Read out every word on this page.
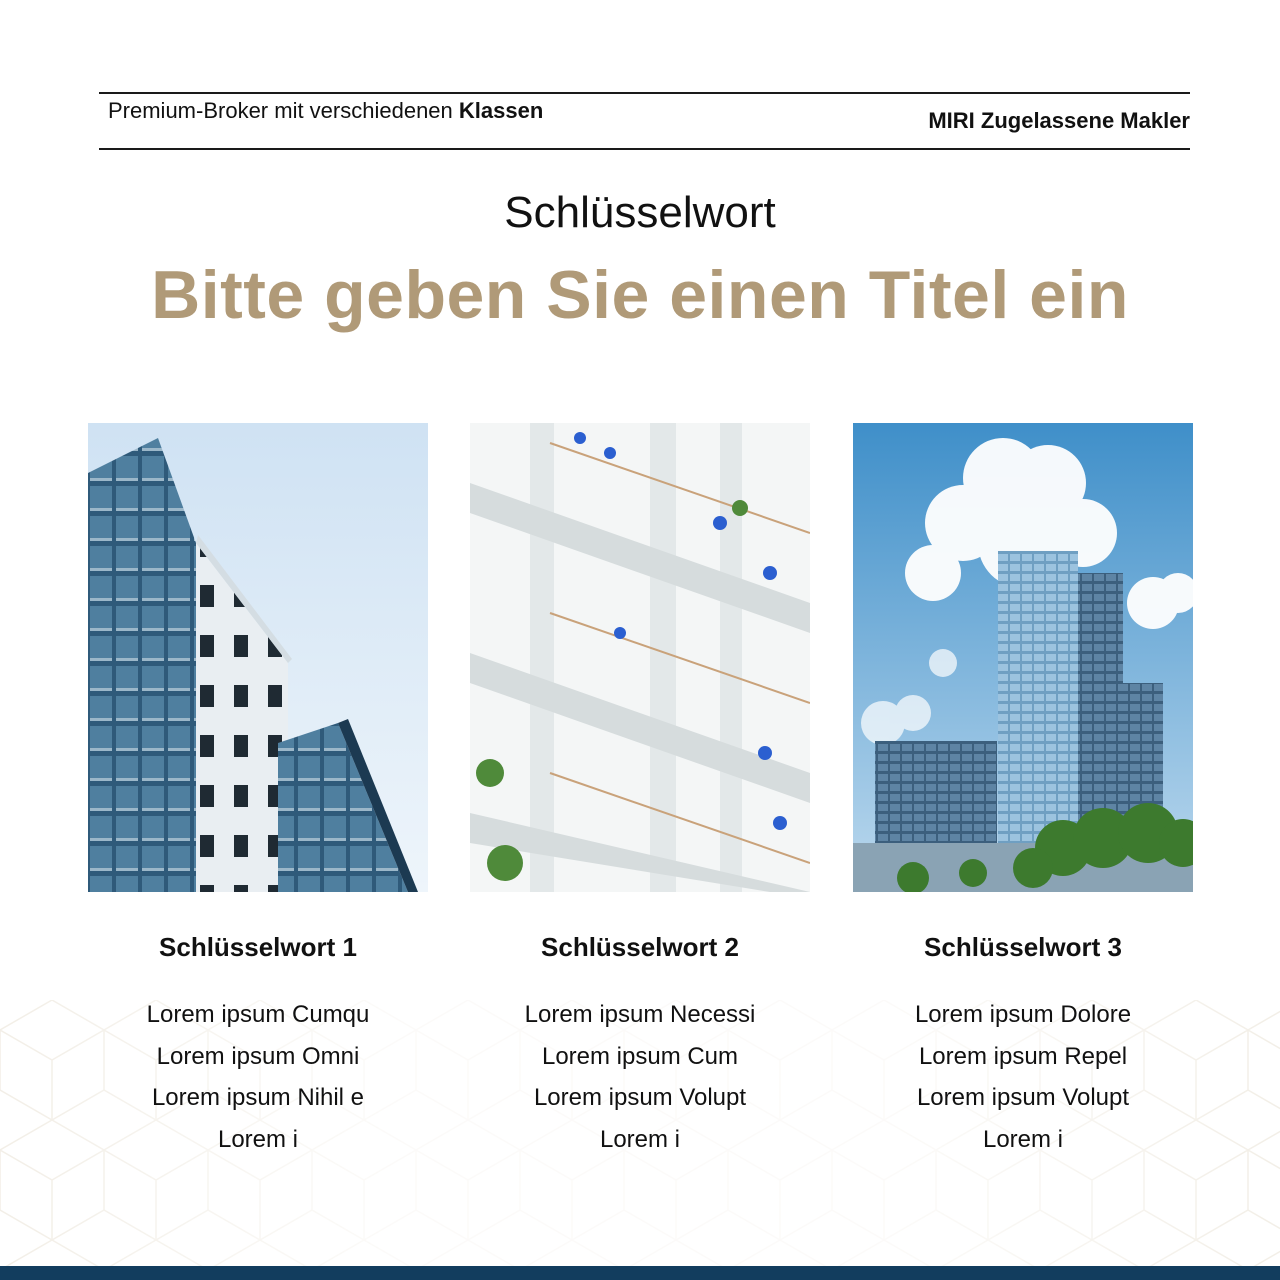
Premium-Broker mit verschiedenen Klassen	MIRI Zugelassene Makler
Schlüsselwort
Bitte geben Sie einen Titel ein
Schlüsselwort 1	Schlüsselwort 2	Schlüsselwort 3
Lorem ipsum Cumqu
Lorem ipsum Omni
Lorem ipsum Nihil e
Lorem i
Lorem ipsum Necessi
Lorem ipsum Cum
Lorem ipsum Volupt
Lorem i
Lorem ipsum Dolore
Lorem ipsum Repel
Lorem ipsum Volupt
Lorem i
